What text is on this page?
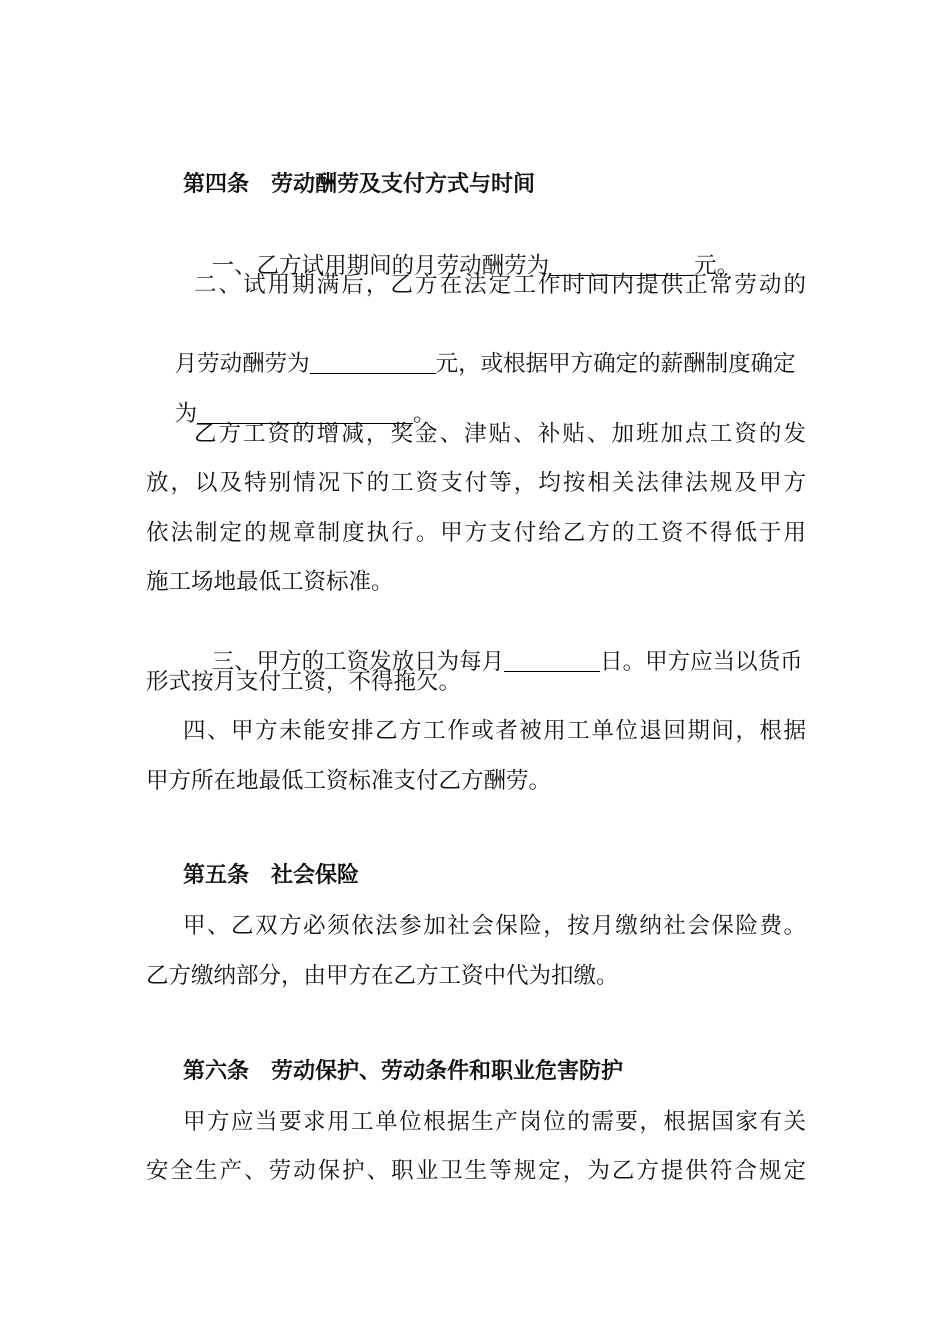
第四条　劳动酬劳及支付方式与时间

一、乙方试用期间的月劳动酬劳为	元。

二、试用期满后，乙方在法定工作时间内提供正常劳动的

月劳动酬劳为	元，或根据甲方确定的薪酬制度确定

为	。

乙方工资的增减，奖金、津贴、补贴、加班加点工资的发
放，以及特别情况下的工资支付等，均按相关法律法规及甲方
依法制定的规章制度执行。甲方支付给乙方的工资不得低于用
施工场地最低工资标准。

三、甲方的工资发放日为每月	日。甲方应当以货币

形式按月支付工资，不得拖欠。
四、甲方未能安排乙方工作或者被用工单位退回期间，根据
甲方所在地最低工资标准支付乙方酬劳。
第五条　社会保险
甲、乙双方必须依法参加社会保险，按月缴纳社会保险费。
乙方缴纳部分，由甲方在乙方工资中代为扣缴。
第六条　劳动保护、劳动条件和职业危害防护
甲方应当要求用工单位根据生产岗位的需要，根据国家有关
安全生产、劳动保护、职业卫生等规定，为乙方提供符合规定
